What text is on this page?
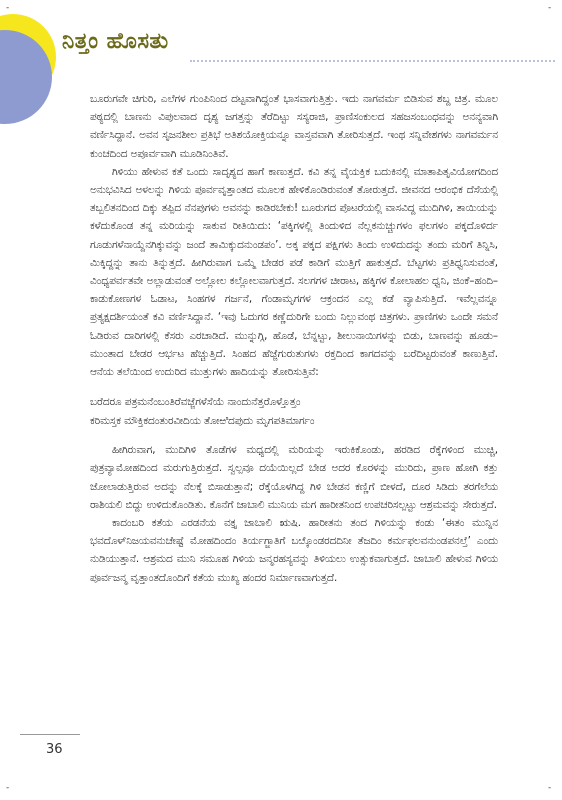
-	-
-	-
ನಿತ್ತಂ ಹೊಸತು

ಬೂರುಗವೇ ಚಿಗುರಿ, ಎಲೆಗಳ ಗುಂಪಿನಿಂದ ದಟ್ಟವಾಗಿದ್ದಂತೆ ಭಾಸವಾಗುತ್ತಿತ್ತು. ಇದು ನಾಗವರ್ಮ ಬಿಡಿಸುವ ಶಬ್ದ ಚಿತ್ರ. ಮೂಲ ಪಠ್ಯದಲ್ಲಿ ಬಾಣನು ವಿಪುಲವಾದ ದೃಶ್ಯ ಜಗತ್ತನ್ನು ತೆರೆದಿಟ್ಟು ಸಸ್ಯರಾಜಿ, ಪ್ರಾಣಿಸಂಕುಲದ ಸಹಜಸಂಬಂಧವನ್ನು ಅನನ್ಯವಾಗಿ ವರ್ಣಿಸಿದ್ದಾನೆ. ಅವನ ಸೃಜನಶೀಲ ಪ್ರತಿಭೆ ಅತಿಶಯೋಕ್ತಿಯನ್ನೂ ವಾಸ್ತವವಾಗಿ ತೋರಿಸುತ್ತದೆ. ಇಂಥ ಸನ್ನಿವೇಶಗಳು ನಾಗವರ್ಮನ ಕುಂಚದಿಂದ ಅಪೂರ್ವವಾಗಿ ಮೂಡಿನಿಂತಿವೆ.

ಗಿಳಿಯು ಹೇಳುವ ಕತೆ ಒಂದು ಸಾದೃಶ್ಯದ ಹಾಗೆ ಕಾಣುತ್ತದೆ. ಕವಿ ತನ್ನ ವೈಯಕ್ತಿಕ ಬದುಕಿನಲ್ಲಿ ಮಾತಾಪಿತೃವಿಯೋಗದಿಂದ ಅನುಭವಿಸಿದ ಅಳಲನ್ನು ಗಿಳಿಯ ಪೂರ್ವವೃತ್ತಾಂತದ ಮೂಲಕ ಹೇಳಿಕೊಂಡಿರುವಂತೆ ತೋರುತ್ತದೆ. ಜೀವನದ ಆರಂಭಿಕ ದೆಸೆಯಲ್ಲಿ ತಬ್ಬಲಿತನದಿಂದ ದಿಕ್ಕು ತಪ್ಪಿದ ನೆನಪುಗಳು ಅವನನ್ನು ಕಾಡಿರಬೇಕು! ಬೂರುಗದ ಪೊಟರೆಯಲ್ಲಿ ವಾಸವಿದ್ದ ಮುದಿಗಿಳಿ, ತಾಯಿಯನ್ನು ಕಳೆದುಕೊಂಡ ತನ್ನ ಮರಿಯನ್ನು ಸಾಕುವ ರೀತಿಯಿದು: ‘ಪಕ್ಕಿಗಳಲ್ಲಿ ತಿಂದುಳಿದ ನೆಲ್ಲಕನುಚ್ಚುಗಳಂ ಫಲಗಳಂ ಪಕ್ಕದೊಳಿರ್ದ ಗೂಡುಗಳೆನಾಯ್ದೆನಗಿಕ್ಕುವನ್ನು ಜಂದೆ ತಾಮಿಕ್ಕುದನುಂಡಪಂ’. ಅಕ್ಕ ಪಕ್ಕದ ಪಕ್ಷಿಗಳು ತಿಂದು ಉಳಿದುದನ್ನು ತಂದು ಮರಿಗೆ ತಿನ್ನಿಸಿ, ಮಿಕ್ಕಿದ್ದನ್ನು ತಾನು ತಿನ್ನುತ್ತದೆ. ಹೀಗಿರುವಾಗ ಒಮ್ಮೆ ಬೇಡರ ಪಡೆ ಕಾಡಿಗೆ ಮುತ್ತಿಗೆ ಹಾಕುತ್ತದೆ. ಬೆಟ್ಟಗಳು ಪ್ರತಿಧ್ವನಿಸುವಂತೆ, ವಿಂಧ್ಯಪರ್ವತವೇ ಅಲ್ಲಾಡುವಂತೆ ಅಲ್ಲೋಲ ಕಲ್ಲೋಲವಾಗುತ್ತದೆ. ಸಲಗಗಳ ಚೀರಾಟ, ಹಕ್ಕಿಗಳ ಕೋಲಾಹಲ ಧ್ವನಿ, ಜಿಂಕೆ–ಹಂದಿ–ಕಾಡುಕೋಣಗಳ ಓಡಾಟ, ಸಿಂಹಗಳ ಗರ್ಜನೆ, ಗೆಂಡಾಮೃಗಗಳ ಆಕ್ರಂದನ ಎಲ್ಲ ಕಡೆ ವ್ಯಾಪಿಸುತ್ತಿದೆ. ಇವೆಲ್ಲವನ್ನೂ ಪ್ರತ್ಯಕ್ಷದರ್ಶಿಯಂತೆ ಕವಿ ವರ್ಣಿಸಿದ್ದಾನೆ. ‘ಇವು ಓದುಗರ ಕಣ್ಣೆದುರಿಗೇ ಬಂದು ನಿಲ್ಲುವಂಥ ಚಿತ್ರಗಳು. ಪ್ರಾಣಿಗಳು ಒಂದೇ ಸಮನೆ ಓಡಿರುವ ದಾರಿಗಳಲ್ಲಿ ಕೆಸರು ಎರಚಾಡಿದೆ. ಮುನ್ನುಗ್ಗಿ, ಹೊಡೆ, ಬೆನ್ನಟ್ಟು, ಶೀಲುನಾಯಿಗಳನ್ನು ಬಿಡು, ಬಾಣವನ್ನು ಹೂಡು–ಮುಂತಾದ ಬೇಡರ ಆರ್ಭಟ ಹೆಚ್ಚುತ್ತಿದೆ. ಸಿಂಹದ ಹೆಜ್ಜೆಗುರುತುಗಳು ರಕ್ತದಿಂದ ಕಾಗದವನ್ನು ಬರೆದಿಟ್ಟರುವಂತೆ ಕಾಣುತ್ತಿವೆ. ಆನೆಯ ತಲೆಯಿಂದ ಉದುರಿದ ಮುತ್ತುಗಳು ಹಾದಿಯನ್ನು ತೋರಿಸುತ್ತಿವೆ:

ಬರೆದರೂ ಪತ್ರಮನೆಂಬಂತಿರೆವಜ್ಜೆಗಳೆಸೆಯೆ ನಾಂದುನೆತ್ತರೊಳ್ತೊತ್ತಂ
ಕರಿಮಸ್ತಕ ಮೌಕ್ತಿಕದಂತುರವೀದಿಯ ತೋಱಿದಪುದು ಮೃಗಪತಿಮಾರ್ಗಂ

ಹೀಗಿರುವಾಗ, ಮುದಿಗಿಳಿ ತೊಡೆಗಳ ಮಧ್ಯದಲ್ಲಿ ಮರಿಯನ್ನು ಇರುಕಿಕೊಂಡು, ಹರಡಿದ ರೆಕ್ಕೆಗಳಿಂದ ಮುಚ್ಚಿ, ಪುತ್ರವ್ಯಾಮೋಹದಿಂದ ಮರುಗುತ್ತಿರುತ್ತದೆ. ಸ್ವಲ್ಪವೂ ದಯೆಯಿಲ್ಲದೆ ಬೇಡ ಅದರ ಕೊರಳನ್ನು ಮುರಿದು, ಪ್ರಾಣ ಹೋಗಿ ಕತ್ತು ಜೋಲಾಡುತ್ತಿರುವ ಅದನ್ನು ನೆಲಕ್ಕೆ ಬಿಸಾಡುತ್ತಾನೆ; ರೆಕ್ಕೆಯೊಳಗಿದ್ದ ಗಿಳಿ ಬೇಡನ ಕಣ್ಣಿಗೆ ಬೀಳದೆ, ದೂರ ಸಿಡಿದು ತರಗೆಲೆಯ ರಾಶಿಯಲಿ ಬಿದ್ದು ಉಳಿದುಕೊಂಡಿತು. ಕೊನೆಗೆ ಜಾಬಾಲಿ ಮುನಿಯ ಮಗ ಹಾರೀತನಿಂದ ಉಪಚರಿಸಲ್ಪಟ್ಟು ಆಶ್ರಮವನ್ನು ಸೇರುತ್ತದೆ.

ಕಾದಂಬರಿ ಕತೆಯ ಎರಡನೆಯ ವಕ್ತೃ ಜಾಬಾಲಿ ಋಷಿ. ಹಾರೀತನು ತಂದ ಗಿಳಿಯನ್ನು ಕಂಡು ‘ಈತಂ ಮುನ್ನಿನ ಭವದೊಳ್‌ನಿಜಯವನುಚೇಷ್ಟೆ ಮೋಹದಿಂದಂ ತಿರ್ಯಗ್ಜಾತಿಗೆ ಬೞ್ಕೊಂಡರದದಿನೀ ತೆಜದಿಂ ಕರ್ಮಫಲವನುಂಡಪನಲ್ತೆ’ ಎಂದು ನುಡಿಯುತ್ತಾನೆ. ಆಶ್ರಮದ ಮುನಿ ಸಮೂಹ ಗಿಳಿಯ ಜನ್ಮರಹಸ್ಯವನ್ನು ತಿಳಿಯಲು ಉತ್ಸುಕವಾಗುತ್ತದೆ. ಜಾಬಾಲಿ ಹೇಳುವ ಗಿಳಿಯ ಪೂರ್ವಜನ್ಮ ವೃತ್ತಾಂತದೊಂದಿಗೆ ಕತೆಯ ಮುಖ್ಯ ಹಂದರ ನಿರ್ಮಾಣವಾಗುತ್ತದೆ.

36
